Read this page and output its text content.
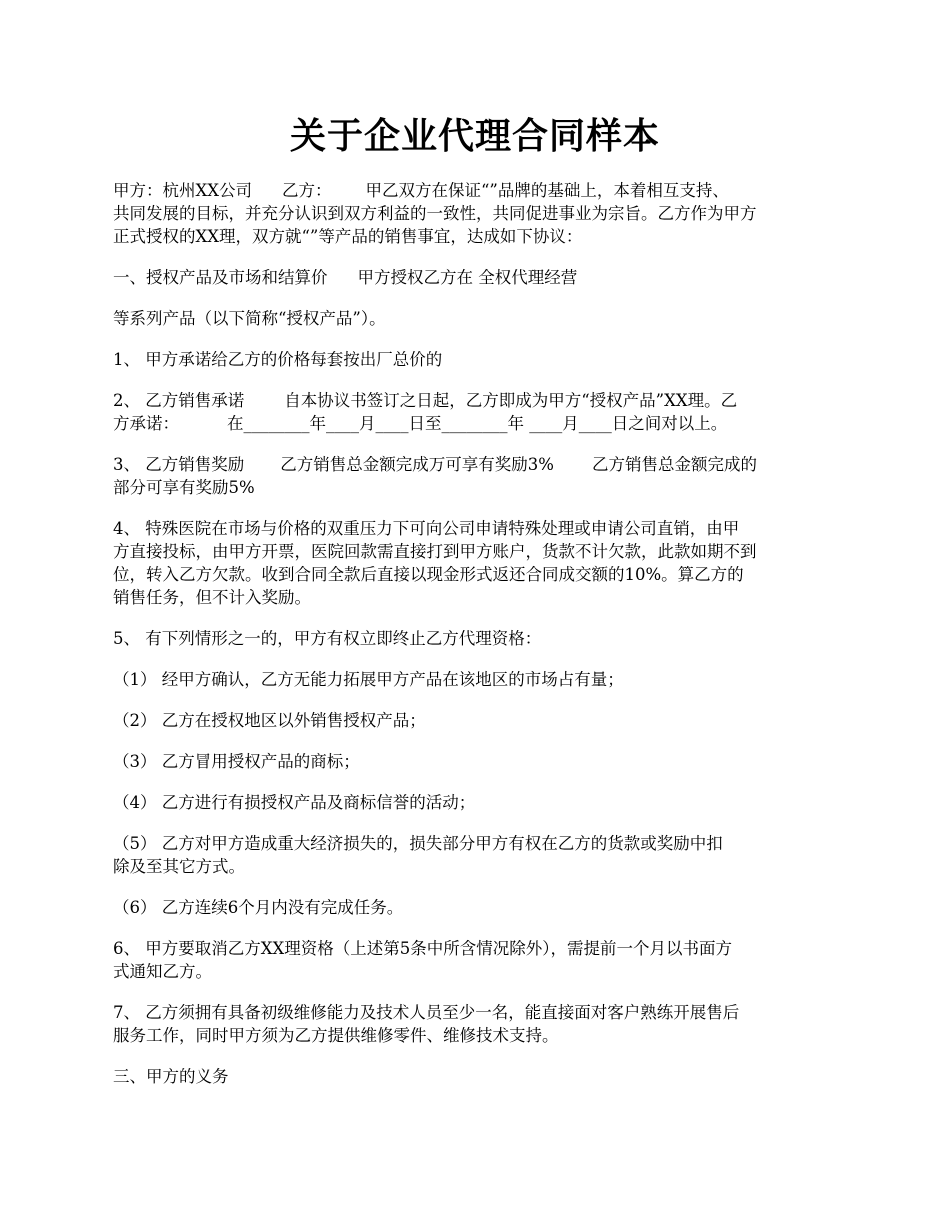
关于企业代理合同样本

甲方：杭州XX公司 乙方： 甲乙双方在保证“”品牌的基础上，本着相互支持、
共同发展的目标，并充分认识到双方利益的一致性，共同促进事业为宗旨。乙方作为甲方
正式授权的XX理，双方就“”等产品的销售事宜，达成如下协议：

一、授权产品及市场和结算价 甲方授权乙方在 全权代理经营

等系列产品（以下简称“授权产品”）。

1、 甲方承诺给乙方的价格每套按出厂总价的

2、 乙方销售承诺 自本协议书签订之日起，乙方即成为甲方“授权产品”XX理。乙
方承诺：	在________年____月____日至________年 ____月____日之间对以上。

3、 乙方销售奖励 乙方销售总金额完成万可享有奖励3% 乙方销售总金额完成的
部分可享有奖励5%

4、 特殊医院在市场与价格的双重压力下可向公司申请特殊处理或申请公司直销，由甲
方直接投标，由甲方开票，医院回款需直接打到甲方账户，货款不计欠款，此款如期不到
位，转入乙方欠款。收到合同全款后直接以现金形式返还合同成交额的10%。算乙方的
销售任务，但不计入奖励。

5、 有下列情形之一的，甲方有权立即终止乙方代理资格：

（1） 经甲方确认，乙方无能力拓展甲方产品在该地区的市场占有量；

（2） 乙方在授权地区以外销售授权产品；

（3） 乙方冒用授权产品的商标；

（4） 乙方进行有损授权产品及商标信誉的活动；

（5） 乙方对甲方造成重大经济损失的，损失部分甲方有权在乙方的货款或奖励中扣
除及至其它方式。

（6） 乙方连续6个月内没有完成任务。

6、 甲方要取消乙方XX理资格（上述第5条中所含情况除外），需提前一个月以书面方
式通知乙方。

7、 乙方须拥有具备初级维修能力及技术人员至少一名，能直接面对客户熟练开展售后
服务工作，同时甲方须为乙方提供维修零件、维修技术支持。

三、甲方的义务
